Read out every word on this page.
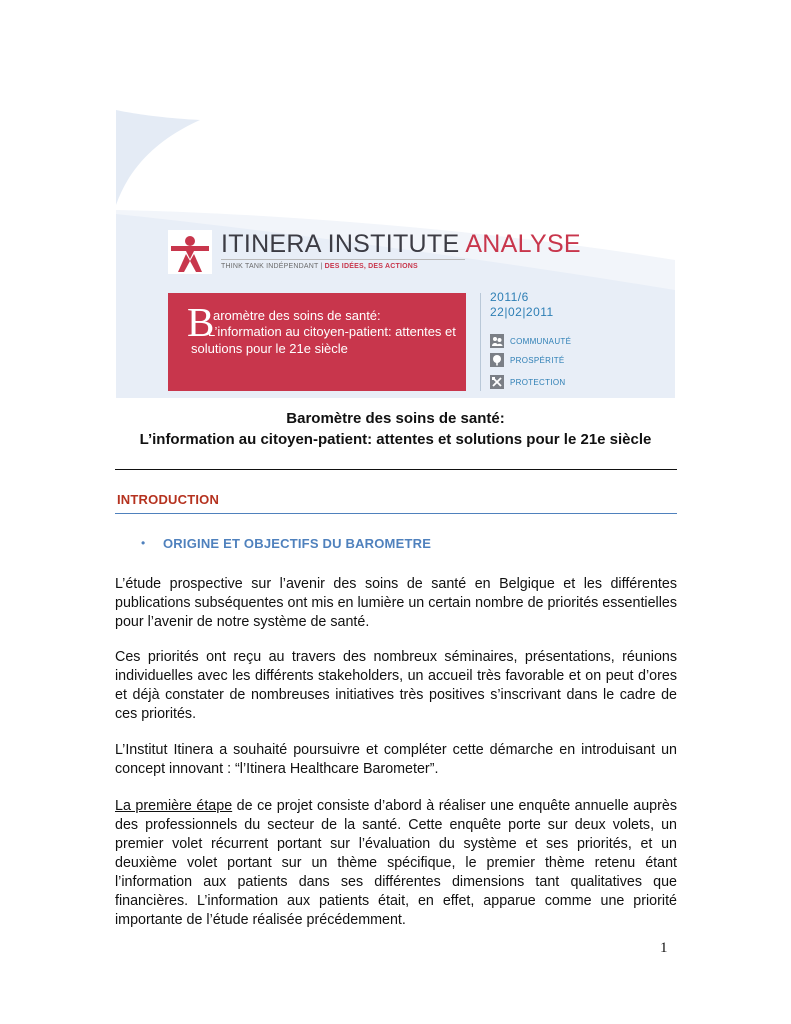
ITINERA INSTITUTE ANALYSE
THINK TANK INDÉPENDANT | DES IDÉES, DES ACTIONS
B
aromètre des soins de santé:
L’information au citoyen-patient: attentes et
solutions pour le 21e siècle
2011/6
22|02|2011
COMMUNAUTÉ
PROSPÉRITÉ
PROTECTION
Baromètre des soins de santé:
L’information au citoyen-patient: attentes et solutions pour le 21e siècle
INTRODUCTION
• ORIGINE ET OBJECTIFS DU BAROMETRE
L’étude prospective sur l’avenir des soins de santé en Belgique et les différentes publications subséquentes ont mis en lumière un certain nombre de priorités essentielles pour l’avenir de notre système de santé.
Ces priorités ont reçu au travers des nombreux séminaires, présentations, réunions individuelles avec les différents stakeholders, un accueil très favorable et on peut d’ores et déjà constater de nombreuses initiatives très positives s’inscrivant dans le cadre de ces priorités.
L’Institut Itinera a souhaité poursuivre et compléter cette démarche en introduisant un concept innovant : “l’Itinera Healthcare Barometer”.
La première étape de ce projet consiste d’abord à réaliser une enquête annuelle auprès des professionnels du secteur de la santé. Cette enquête porte sur deux volets, un premier volet récurrent portant sur l’évaluation du système et ses priorités, et un deuxième volet portant sur un thème spécifique, le premier thème retenu étant l’information aux patients dans ses différentes dimensions tant qualitatives que financières. L’information aux patients était, en effet, apparue comme une priorité importante de l’étude réalisée précédemment.
1
